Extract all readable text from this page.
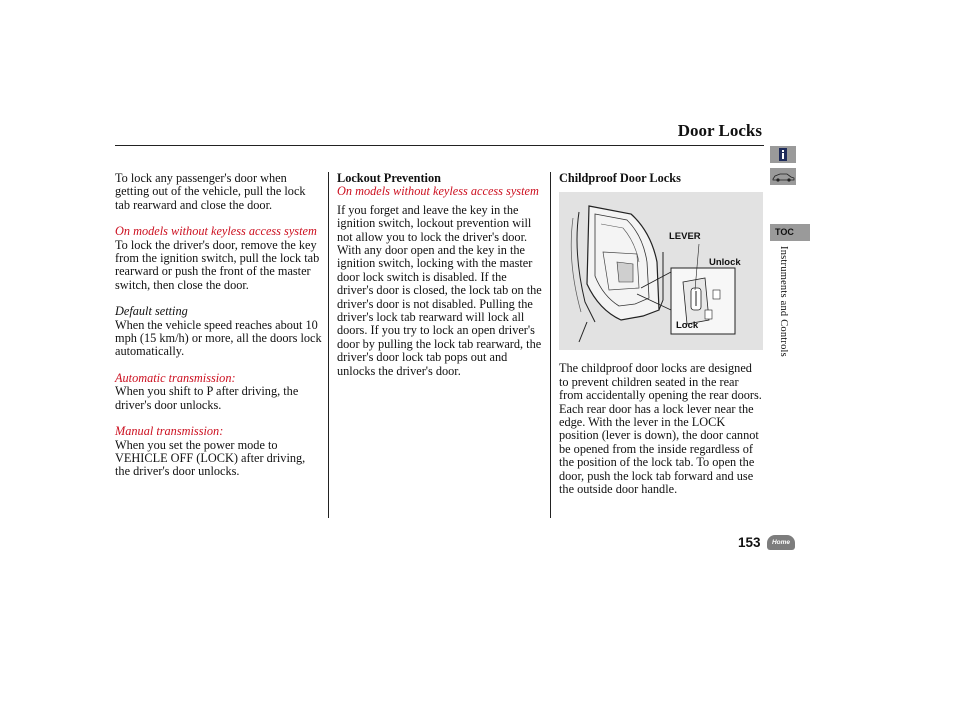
Door Locks

To lock any passenger's door when getting out of the vehicle, pull the lock tab rearward and close the door.

On models without keyless access system

To lock the driver's door, remove the key from the ignition switch, pull the lock tab rearward or push the front of the master switch, then close the door.

Default setting

When the vehicle speed reaches about 10 mph (15 km/h) or more, all the doors lock automatically.

Automatic transmission:

When you shift to P after driving, the driver's door unlocks.

Manual transmission:

When you set the power mode to VEHICLE OFF (LOCK) after driving, the driver's door unlocks.

Lockout Prevention

On models without keyless access system

If you forget and leave the key in the ignition switch, lockout prevention will not allow you to lock the driver's door. With any door open and the key in the ignition switch, locking with the master door lock switch is disabled. If the driver's door is closed, the lock tab on the driver's door is not disabled. Pulling the driver's lock tab rearward will lock all doors. If you try to lock an open driver's door by pulling the lock tab rearward, the driver's door lock tab pops out and unlocks the driver's door.

Childproof Door Locks

LEVER
Unlock
Lock

The childproof door locks are designed to prevent children seated in the rear from accidentally opening the rear doors. Each rear door has a lock lever near the edge. With the lever in the LOCK position (lever is down), the door cannot be opened from the inside regardless of the position of the lock tab. To open the door, push the lock tab forward and use the outside door handle.

TOC
Instruments and Controls
153	Home
